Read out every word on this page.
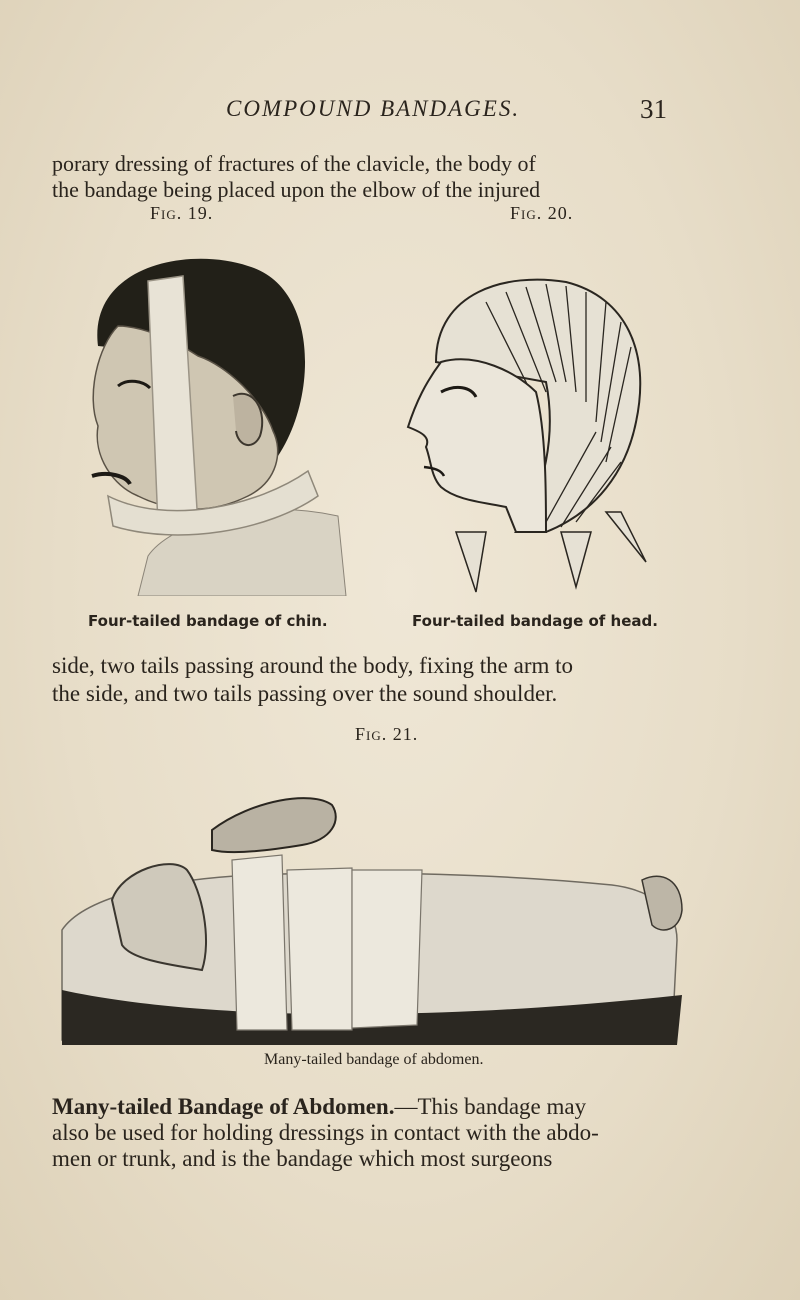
COMPOUND BANDAGES.	31
porary dressing of fractures of the clavicle, the body of
the bandage being placed upon the elbow of the injured
Fig. 19.
Four-tailed bandage of chin.
Fig. 20.
Four-tailed bandage of head.
side, two tails passing around the body, fixing the arm to
the side, and two tails passing over the sound shoulder.
Fig. 21.
Many-tailed bandage of abdomen.
Many-tailed Bandage of Abdomen.—This bandage may
also be used for holding dressings in contact with the abdo-
men or trunk, and is the bandage which most surgeons
